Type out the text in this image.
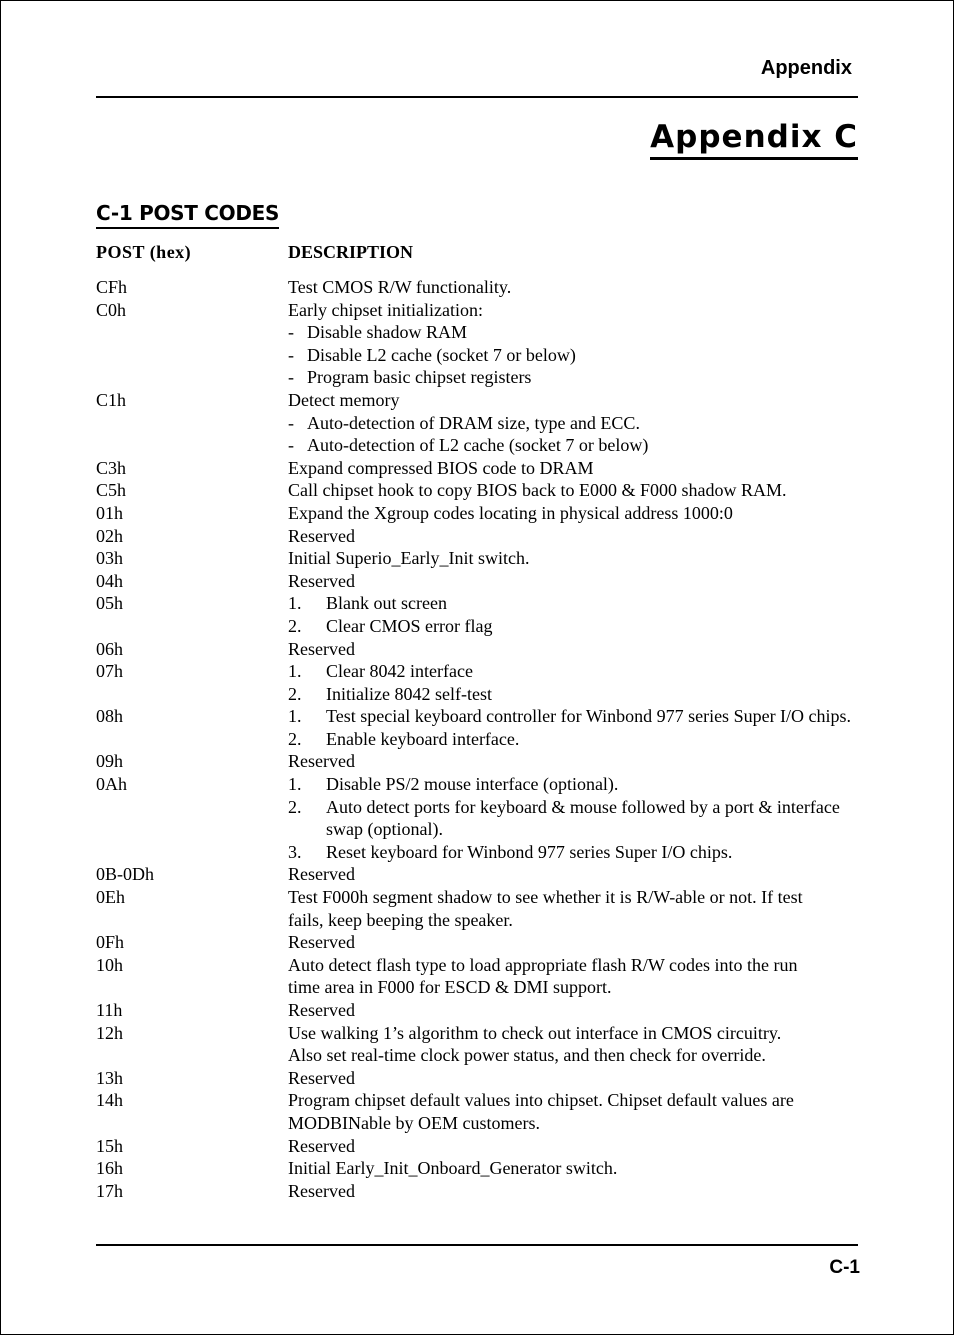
Appendix
Appendix C
C-1 POST CODES
POST (hex)	DESCRIPTION
CFh	Test CMOS R/W functionality.
C0h	Early chipset initialization:
- Disable shadow RAM
- Disable L2 cache (socket 7 or below)
- Program basic chipset registers
C1h	Detect memory
- Auto-detection of DRAM size, type and ECC.
- Auto-detection of L2 cache (socket 7 or below)
C3h	Expand compressed BIOS code to DRAM
C5h	Call chipset hook to copy BIOS back to E000 & F000 shadow RAM.
01h	Expand the Xgroup codes locating in physical address 1000:0
02h	Reserved
03h	Initial Superio_Early_Init switch.
04h	Reserved
05h	1.	Blank out screen
2.	Clear CMOS error flag
06h	Reserved
07h	1.	Clear 8042 interface
2.	Initialize 8042 self-test
08h	1.	Test special keyboard controller for Winbond 977 series Super I/O chips.
2.	Enable keyboard interface.
09h	Reserved
0Ah	1.	Disable PS/2 mouse interface (optional).
2.	Auto detect ports for keyboard & mouse followed by a port & interface swap (optional).
3.	Reset keyboard for Winbond 977 series Super I/O chips.
0B-0Dh	Reserved
0Eh	Test F000h segment shadow to see whether it is R/W-able or not. If test
fails, keep beeping the speaker.
0Fh	Reserved
10h	Auto detect flash type to load appropriate flash R/W codes into the run
time area in F000 for ESCD & DMI support.
11h	Reserved
12h	Use walking 1’s algorithm to check out interface in CMOS circuitry.
Also set real-time clock power status, and then check for override.
13h	Reserved
14h	Program chipset default values into chipset. Chipset default values are
MODBINable by OEM customers.
15h	Reserved
16h	Initial Early_Init_Onboard_Generator switch.
17h	Reserved
C-1
